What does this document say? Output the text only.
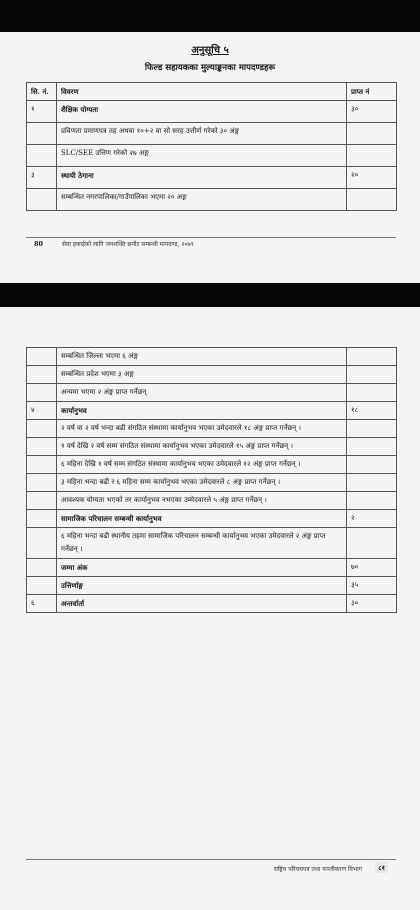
अनुसूचि ५
फिल्ड सहायकका मुल्याङ्कनका मापदण्डहरू
सि. नं.	विवरण	प्राप्त नं
१	शैक्षिक योग्यता	३०
	प्रविणता प्रमाणपत्र तह अथवा १०+२ वा सो सरह उत्तीर्ण गरेको ३० अंङ्ग	
	SLC/SEE उत्तिण गरेको २७ अङ्ग	
३	स्थायी ठेगाना	२०
	सम्बन्धित नगरपालिका/गाउँपालिका भएमा २० अङ्ग	
80	सेवा इकाईको लागि जनशक्ति छनौट सम्बन्धी मापदण्ड, २०७९
	सम्बन्धित जिल्ला भएमा ६ अंङ्ग	
	सम्बन्धित प्रदेश भएमा ३ अङ्ग	
	अन्यमा भएमा २ अंङ्ग प्राप्त गर्नेछन्	
४	कार्यानुभव	१८
	२ वर्ष वा २ वर्ष भन्दा बढी संगठित संस्थामा कार्यानुभव भएका उमेदवारले १८ अंङ्ग प्राप्त गर्नेछन् ।	
	१ वर्ष देखि २ वर्ष सम्म संगठित संस्थामा कार्यानुभव भएका उमेदवारले १५ अंङ्ग प्राप्त गर्नेछन् ।	
	६ महिना देखि १ वर्ष सम्म संगठित संस्थामा कार्यानुभव भएका उमेदवारले १२ अंङ्ग प्राप्त गर्नेछन् ।	
	३ महिना भन्दा बढी र ६ महिना सम्म कार्यानुभव भएका उमेदवारले ८ अंङ्ग प्राप्त गर्नेछन् ।	
	आवश्यक योग्यता भएको तर कार्यानुभव नभएका उम्मेदवारले ५ अंङ्ग प्राप्त गर्नेछन् ।	
	सामाजिक परिचालन सम्बन्धी कार्यानुभव	२
	६ महिना भन्दा बढी स्थानीय तहमा सामाजिक परिचालन सम्बन्धी कार्यानुभव भएका उमेदवारले २ अंङ्ग प्राप्त गर्नेछन् ।	
	जम्मा अंक	७०
	उत्तिर्णाङ्ग	३५
६	अन्तर्वार्ता	३०
राष्ट्रिय परिचयपत्र तथा पञ्जीकरण विभाग	८१
